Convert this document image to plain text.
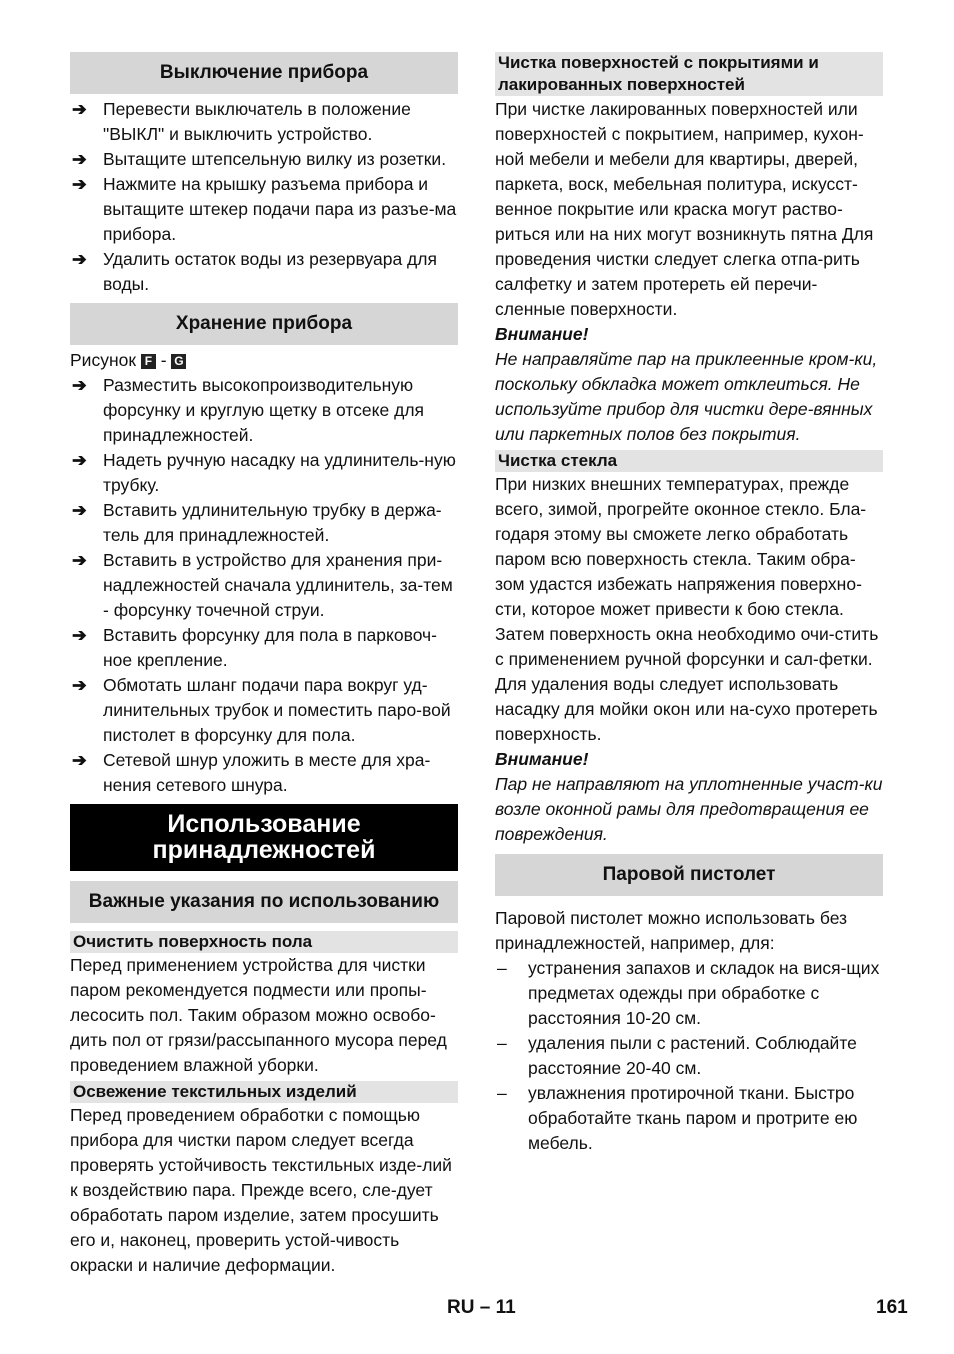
Выключение прибора
➔ Перевести выключатель в положение "ВЫКЛ" и выключить устройство.
➔ Вытащите штепсельную вилку из розетки.
➔ Нажмите на крышку разъема прибора и вытащите штекер подачи пара из разъе-ма прибора.
➔ Удалить остаток воды из резервуара для воды.
Хранение прибора

Рисунок F - G

➔ Разместить высокопроизводительную форсунку и круглую щетку в отсеке для принадлежностей.
➔ Надеть ручную насадку на удлинитель-ную трубку.
➔ Вставить удлинительную трубку в держа-тель для принадлежностей.
➔ Вставить в устройство для хранения при-надлежностей сначала удлинитель, за-тем - форсунку точечной струи.
➔ Вставить форсунку для пола в парковоч-ное крепление.
➔ Обмотать шланг подачи пара вокруг уд-линительных трубок и поместить паро-вой пистолет в форсунку для пола.
➔ Сетевой шнур уложить в месте для хра-нения сетевого шнура.
Использование
принадлежностей
Важные указания по использованию
Очистить поверхность пола

Перед применением устройства для чистки паром рекомендуется подмести или пропы-лесосить пол. Таким образом можно освобо-дить пол от грязи/рассыпанного мусора перед проведением влажной уборки.

Освежение текстильных изделий

Перед проведением обработки с помощью прибора для чистки паром следует всегда проверять устойчивость текстильных изде-лий к воздействию пара. Прежде всего, сле-дует обработать паром изделие, затем просушить его и, наконец, проверить устой-чивость окраски и наличие деформации.

Чистка поверхностей с покрытиями и лакированных поверхностей

При чистке лакированных поверхностей или поверхностей с покрытием, например, кухон-ной мебели и мебели для квартиры, дверей, паркета, воск, мебельная политура, искусст-венное покрытие или краска могут раство-риться или на них могут возникнуть пятна Для проведения чистки следует слегка отпа-рить салфетку и затем протереть ей перечи-сленные поверхности.

Внимание!

Не направляйте пар на приклеенные кром-ки, поскольку обкладка может отклеиться. Не используйте прибор для чистки дере-вянных или паркетных полов без покрытия.

Чистка стекла

При низких внешних температурах, прежде всего, зимой, прогрейте оконное стекло. Бла-годаря этому вы сможете легко обработать паром всю поверхность стекла. Таким обра-зом удастся избежать напряжения поверхно-сти, которое может привести к бою стекла. Затем поверхность окна необходимо очи-стить с применением ручной форсунки и сал-фетки. Для удаления воды следует использовать насадку для мойки окон или на-сухо протереть поверхность.

Внимание!

Пар не направляют на уплотненные участ-ки возле оконной рамы для предотвращения ее повреждения.

Паровой пистолет

Паровой пистолет можно использовать без принадлежностей, например, для:

– устранения запахов и складок на вися-щих предметах одежды при обработке с расстояния 10-20 см.
– удаления пыли с растений. Соблюдайте расстояние 20-40 см.
– увлажнения протирочной ткани. Быстро обработайте ткань паром и протрите ею мебель.
RU – 11	161
